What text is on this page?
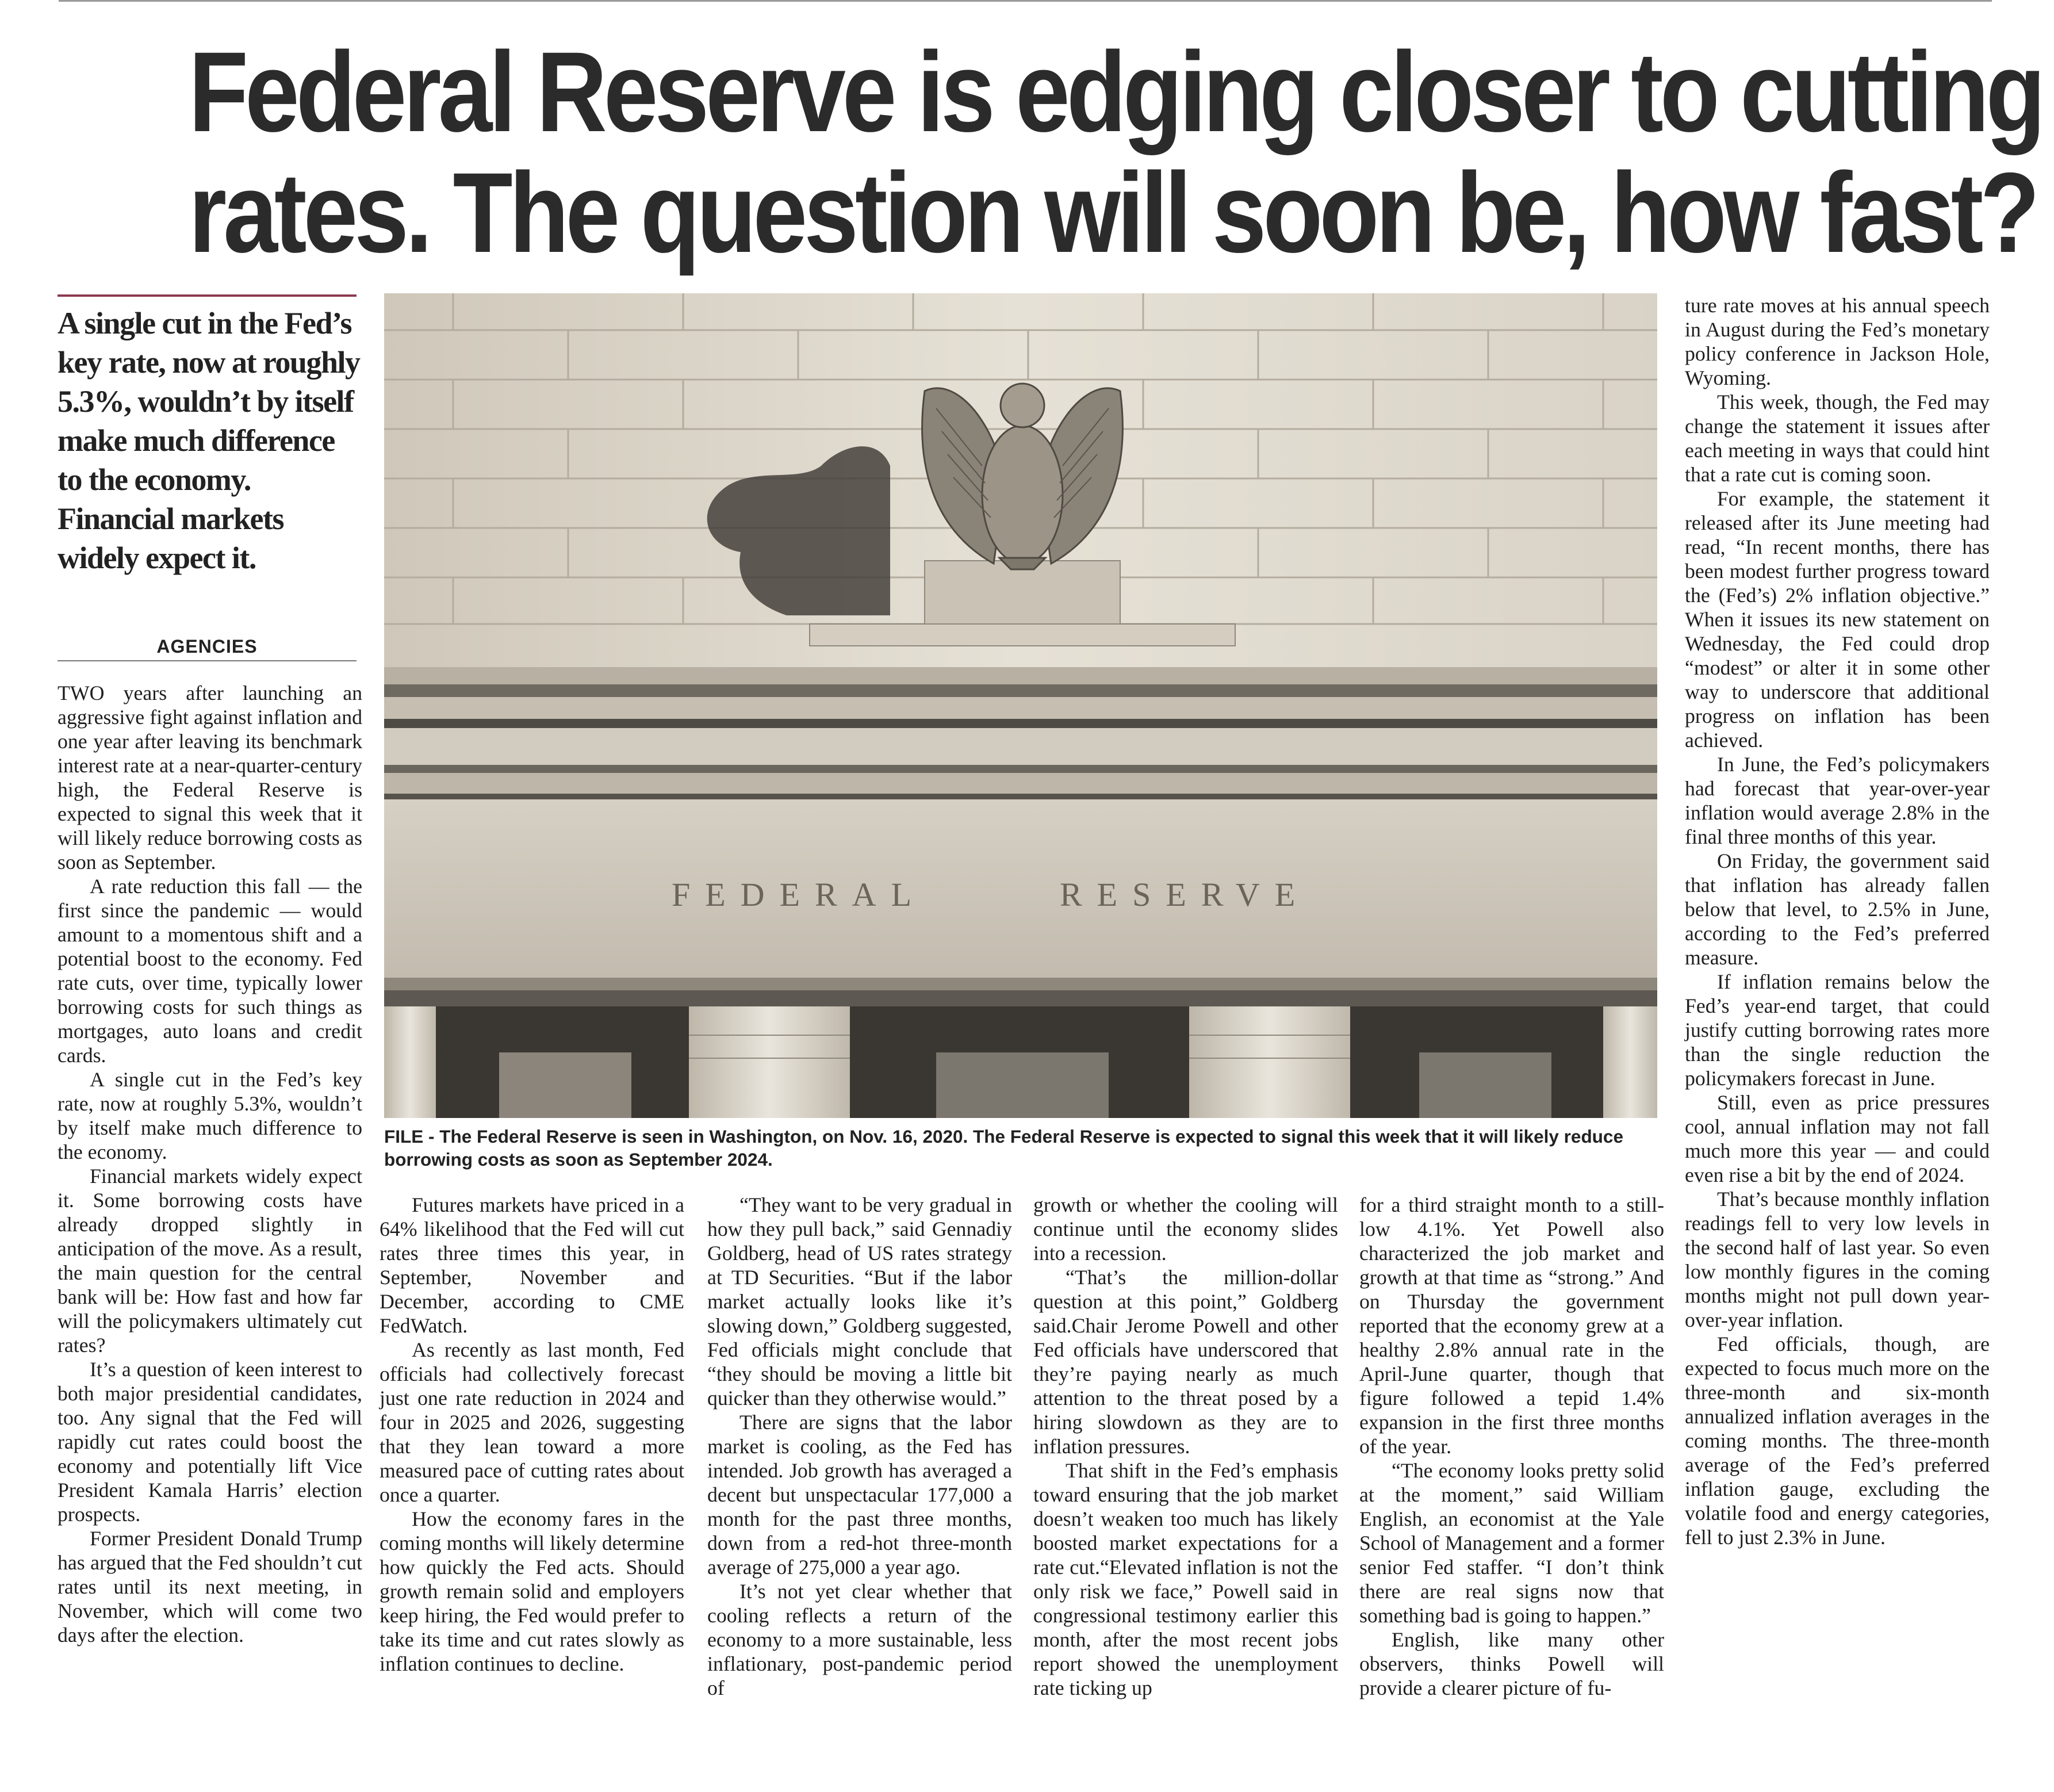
Federal Reserve is edging closer to cutting
rates. The question will soon be, how fast?
A single cut in the Fed’s key rate, now at roughly 5.3%, wouldn’t by itself make much difference to the economy. Financial markets widely expect it.
AGENCIES

TWO years after launching an aggressive fight against inflation and one year after leaving its benchmark interest rate at a near-quarter-century high, the Federal Reserve is expected to signal this week that it will likely reduce borrowing costs as soon as September.

A rate reduction this fall — the first since the pandemic — would amount to a momentous shift and a potential boost to the economy. Fed rate cuts, over time, typically lower borrowing costs for such things as mortgages, auto loans and credit cards.

A single cut in the Fed’s key rate, now at roughly 5.3%, wouldn’t by itself make much difference to the economy.

Financial markets widely expect it. Some borrowing costs have already dropped slightly in anticipation of the move. As a result, the main question for the central bank will be: How fast and how far will the policymakers ultimately cut rates?

It’s a question of keen interest to both major presidential candidates, too. Any signal that the Fed will rapidly cut rates could boost the economy and potentially lift Vice President Kamala Harris’ election prospects.

Former President Donald Trump has argued that the Fed shouldn’t cut rates until its next meeting, in November, which will come two days after the election.

FEDERAL	RESERVE
FILE - The Federal Reserve is seen in Washington, on Nov. 16, 2020. The Federal Reserve is expected to signal this week that it will likely reduce borrowing costs as soon as September 2024.

Futures markets have priced in a 64% likelihood that the Fed will cut rates three times this year, in September, November and December, according to CME FedWatch.

As recently as last month, Fed officials had collectively forecast just one rate reduction in 2024 and four in 2025 and 2026, suggesting that they lean toward a more measured pace of cutting rates about once a quarter.

How the economy fares in the coming months will likely determine how quickly the Fed acts. Should growth remain solid and employers keep hiring, the Fed would prefer to take its time and cut rates slowly as inflation continues to decline.

“They want to be very gradual in how they pull back,” said Gennadiy Goldberg, head of US rates strategy at TD Securities. “But if the labor market actually looks like it’s slowing down,” Goldberg suggested, Fed officials might conclude that “they should be moving a little bit quicker than they otherwise would.”

There are signs that the labor market is cooling, as the Fed has intended. Job growth has averaged a decent but unspectacular 177,000 a month for the past three months, down from a red-hot three-month average of 275,000 a year ago.

It’s not yet clear whether that cooling reflects a return of the economy to a more sustainable, less inflationary, post-pandemic period of

growth or whether the cooling will continue until the economy slides into a recession.

“That’s the million-dollar question at this point,” Goldberg said.Chair Jerome Powell and other Fed officials have underscored that they’re paying nearly as much attention to the threat posed by a hiring slowdown as they are to inflation pressures.

That shift in the Fed’s emphasis toward ensuring that the job market doesn’t weaken too much has likely boosted market expectations for a rate cut.“Elevated inflation is not the only risk we face,” Powell said in congressional testimony earlier this month, after the most recent jobs report showed the unemployment rate ticking up

for a third straight month to a still-low 4.1%. Yet Powell also characterized the job market and growth at that time as “strong.” And on Thursday the government reported that the economy grew at a healthy 2.8% annual rate in the April-June quarter, though that figure followed a tepid 1.4% expansion in the first three months of the year.

“The economy looks pretty solid at the moment,” said William English, an economist at the Yale School of Management and a former senior Fed staffer. “I don’t think there are real signs now that something bad is going to happen.”

English, like many other observers, thinks Powell will provide a clearer picture of fu-

ture rate moves at his annual speech in August during the Fed’s monetary policy conference in Jackson Hole, Wyoming.

This week, though, the Fed may change the statement it issues after each meeting in ways that could hint that a rate cut is coming soon.

For example, the statement it released after its June meeting had read, “In recent months, there has been modest further progress toward the (Fed’s) 2% inflation objective.” When it issues its new statement on Wednesday, the Fed could drop “modest” or alter it in some other way to underscore that additional progress on inflation has been achieved.

In June, the Fed’s policymakers had forecast that year-over-year inflation would average 2.8% in the final three months of this year.

On Friday, the government said that inflation has already fallen below that level, to 2.5% in June, according to the Fed’s preferred measure.

If inflation remains below the Fed’s year-end target, that could justify cutting borrowing rates more than the single reduction the policymakers forecast in June.

Still, even as price pressures cool, annual inflation may not fall much more this year — and could even rise a bit by the end of 2024.

That’s because monthly inflation readings fell to very low levels in the second half of last year. So even low monthly figures in the coming months might not pull down year-over-year inflation.

Fed officials, though, are expected to focus much more on the three-month and six-month annualized inflation averages in the coming months. The three-month average of the Fed’s preferred inflation gauge, excluding the volatile food and energy categories, fell to just 2.3% in June.
